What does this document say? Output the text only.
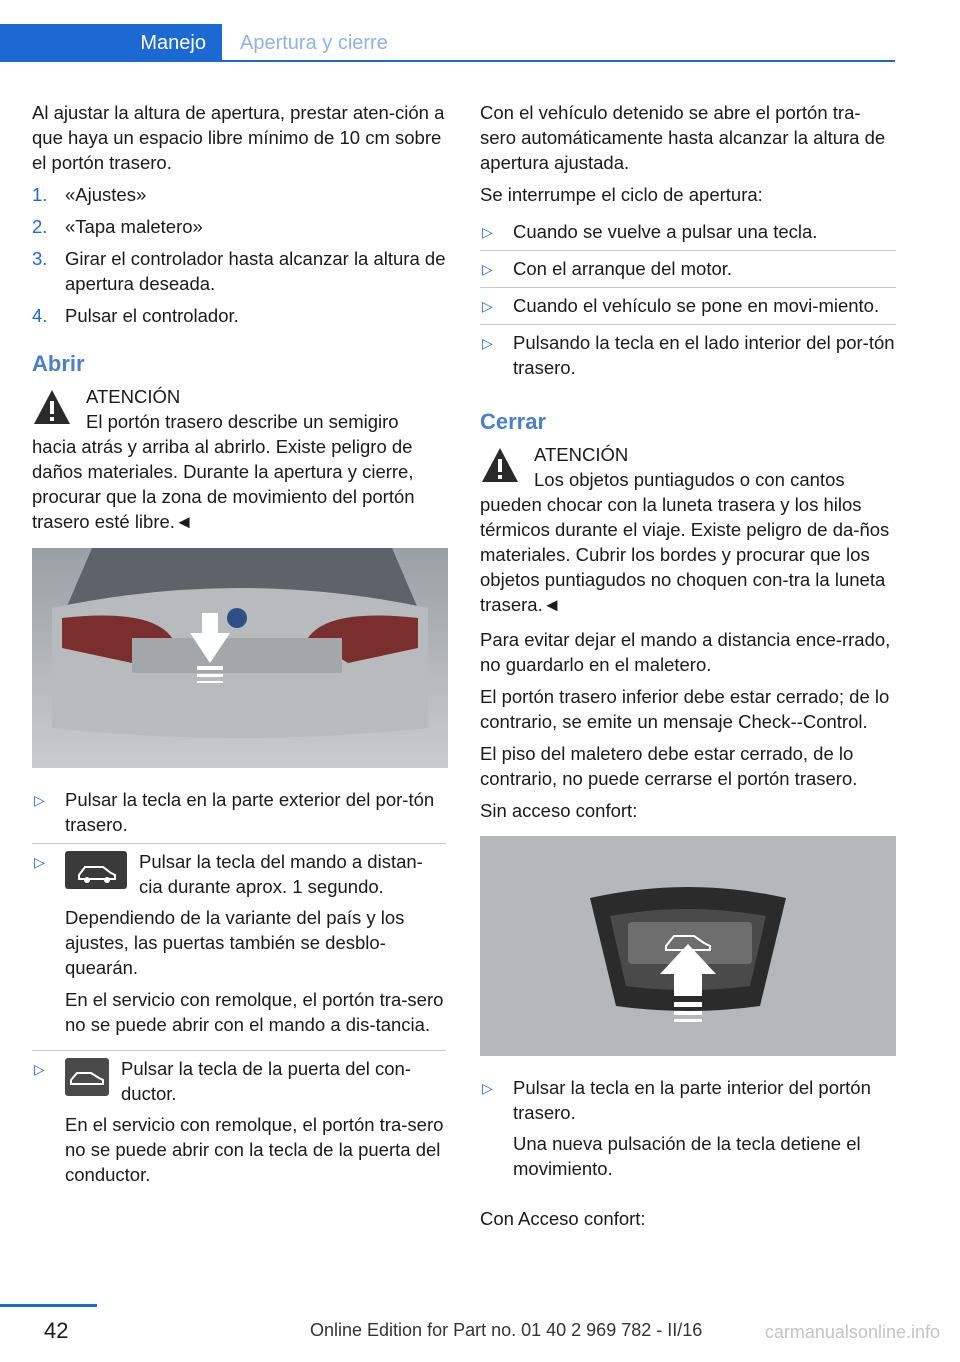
Manejo	Apertura y cierre

Al ajustar la altura de apertura, prestar aten-ción a que haya un espacio libre mínimo de 10 cm sobre el portón trasero.

1. «Ajustes»
2. «Tapa maletero»
3. Girar el controlador hasta alcanzar la altura de apertura deseada.
4. Pulsar el controlador.
Abrir
ATENCIÓN
El portón trasero describe un semigiro hacia atrás y arriba al abrirlo. Existe peligro de daños materiales. Durante la apertura y cierre, procurar que la zona de movimiento del portón trasero esté libre.◄
▷ Pulsar la tecla en la parte exterior del por-tón trasero.
▷	Pulsar la tecla del mando a distan-cia durante aprox. 1 segundo.

Dependiendo de la variante del país y los ajustes, las puertas también se desblo-quearán.

En el servicio con remolque, el portón tra-sero no se puede abrir con el mando a dis-tancia.

▷	Pulsar la tecla de la puerta del con-ductor.

En el servicio con remolque, el portón tra-sero no se puede abrir con la tecla de la puerta del conductor.

Con el vehículo detenido se abre el portón tra-sero automáticamente hasta alcanzar la altura de apertura ajustada.

Se interrumpe el ciclo de apertura:

▷ Cuando se vuelve a pulsar una tecla.
▷ Con el arranque del motor.
▷ Cuando el vehículo se pone en movi-miento.
▷ Pulsando la tecla en el lado interior del por-tón trasero.
Cerrar
ATENCIÓN
Los objetos puntiagudos o con cantos pueden chocar con la luneta trasera y los hilos térmicos durante el viaje. Existe peligro de da-ños materiales. Cubrir los bordes y procurar que los objetos puntiagudos no choquen con-tra la luneta trasera.◄

Para evitar dejar el mando a distancia ence-rrado, no guardarlo en el maletero.

El portón trasero inferior debe estar cerrado; de lo contrario, se emite un mensaje Check--Control.

El piso del maletero debe estar cerrado, de lo contrario, no puede cerrarse el portón trasero.

Sin acceso confort:

▷ Pulsar la tecla en la parte interior del portón trasero.

Una nueva pulsación de la tecla detiene el movimiento.

Con Acceso confort:

42	Online Edition for Part no. 01 40 2 969 782 - II/16	carmanualsonline.info
